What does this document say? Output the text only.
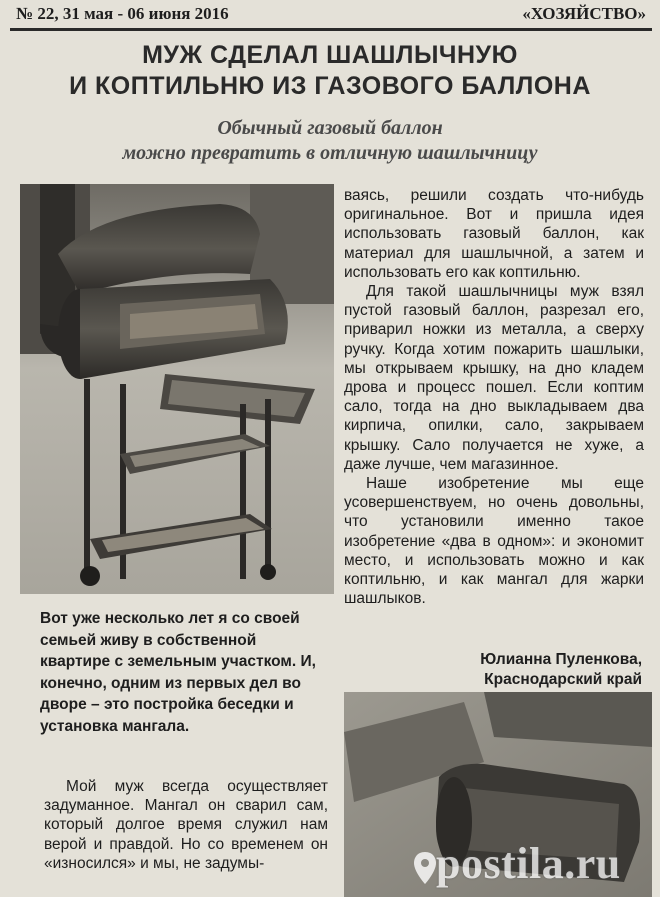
№ 22, 31 мая - 06 июня 2016	«ХОЗЯЙСТВО»
МУЖ СДЕЛАЛ ШАШЛЫЧНУЮ
И КОПТИЛЬНЮ ИЗ ГАЗОВОГО БАЛЛОНА
Обычный газовый баллон
можно превратить в отличную шашлычницу
Вот уже несколько лет я со своей семьей живу в собственной квартире с земельным участком. И, конечно, одним из первых дел во дворе – это постройка беседки и установка мангала.

Мой муж всегда осуществляет задуманное. Мангал он сварил сам, который долгое время служил нам верой и правдой. Но со временем он «износился» и мы, не задумы-

ваясь, решили создать что-нибудь оригинальное. Вот и пришла идея использовать газовый баллон, как материал для шашлычной, а затем и использовать его как коптильню.

Для такой шашлычницы муж взял пустой газовый баллон, разрезал его, приварил ножки из металла, а сверху ручку. Когда хотим пожарить шашлыки, мы открываем крышку, на дно кладем дрова и процесс пошел. Если коптим сало, тогда на дно выкладываем два кирпича, опилки, сало, закрываем крышку. Сало получается не хуже, а даже лучше, чем магазинное.

Наше изобретение мы еще усовершенствуем, но очень довольны, что установили именно такое изобретение «два в одном»: и экономит место, и использовать можно и как коптильню, и как мангал для жарки шашлыков.

Юлианна Пуленкова,
Краснодарский край
postila.ru
